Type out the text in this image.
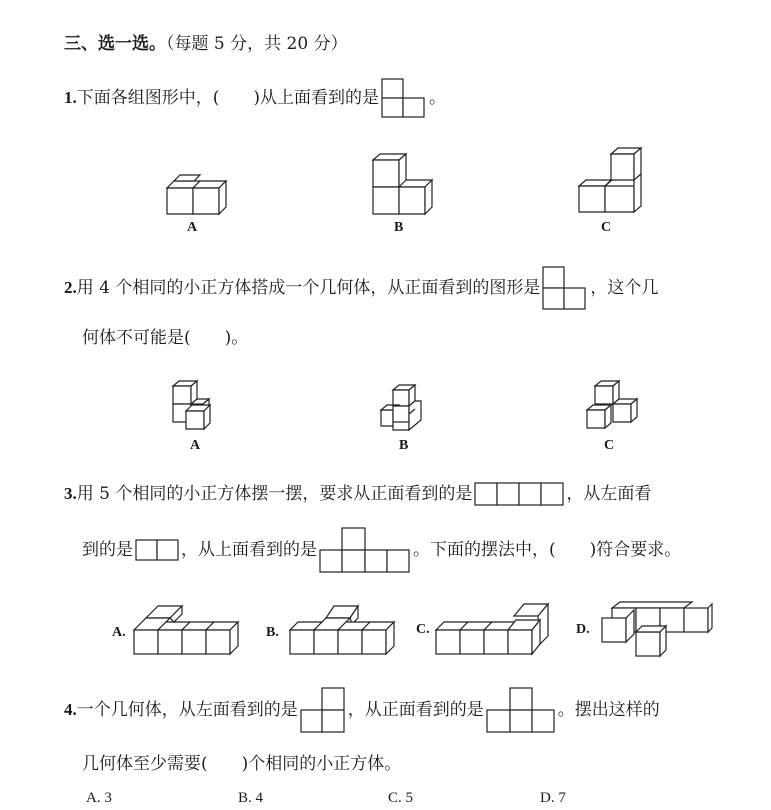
三、选一选。（每题 5 分，共 20 分）
1. 下面各组图形中，(　　)从上面看到的是	。
A	B	C
2. 用 4 个相同的小正方体搭成一个几何体，从正面看到的图形是	，这个几
何体不可能是(　　)。
A	B	C
3. 用 5 个相同的小正方体摆一摆，要求从正面看到的是	，从左面看
到的是	，从上面看到的是	。下面的摆法中，(　　)符合要求。
A.	B.	C.	D.
4. 一个几何体，从左面看到的是	，从正面看到的是	。摆出这样的
几何体至少需要(　　)个相同的小正方体。
A. 3	B. 4	C. 5	D. 7
